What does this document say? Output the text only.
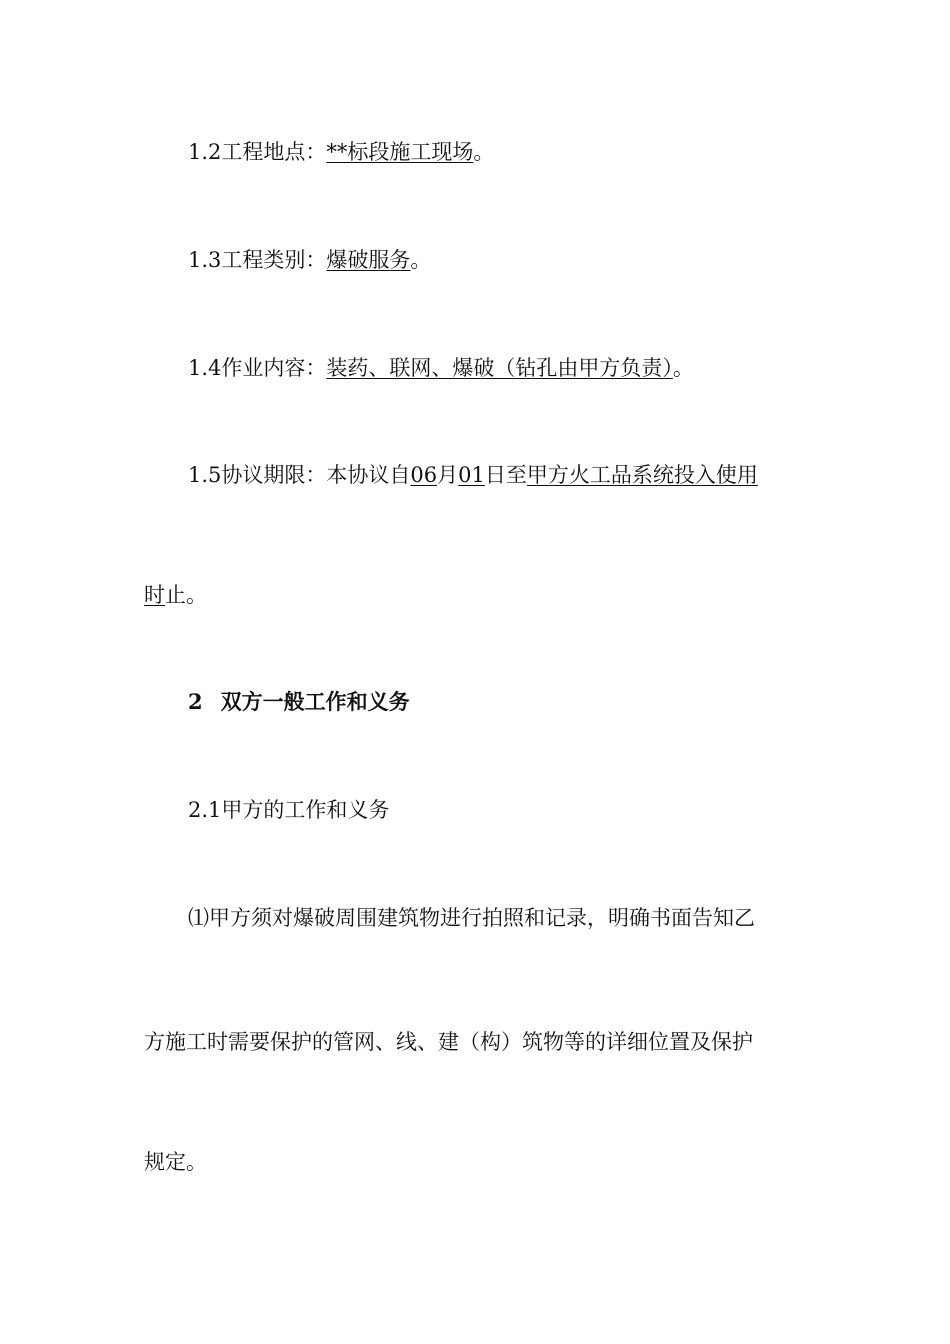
1.2工程地点：**标段施工现场。

1.3工程类别：爆破服务。

1.4作业内容：装药、联网、爆破（钻孔由甲方负责）。

1.5协议期限：本协议自06月01日至甲方火工品系统投入使用

时止。

2 双方一般工作和义务

2.1甲方的工作和义务

⑴甲方须对爆破周围建筑物进行拍照和记录，明确书面告知乙

方施工时需要保护的管网、线、建（构）筑物等的详细位置及保护

规定。
